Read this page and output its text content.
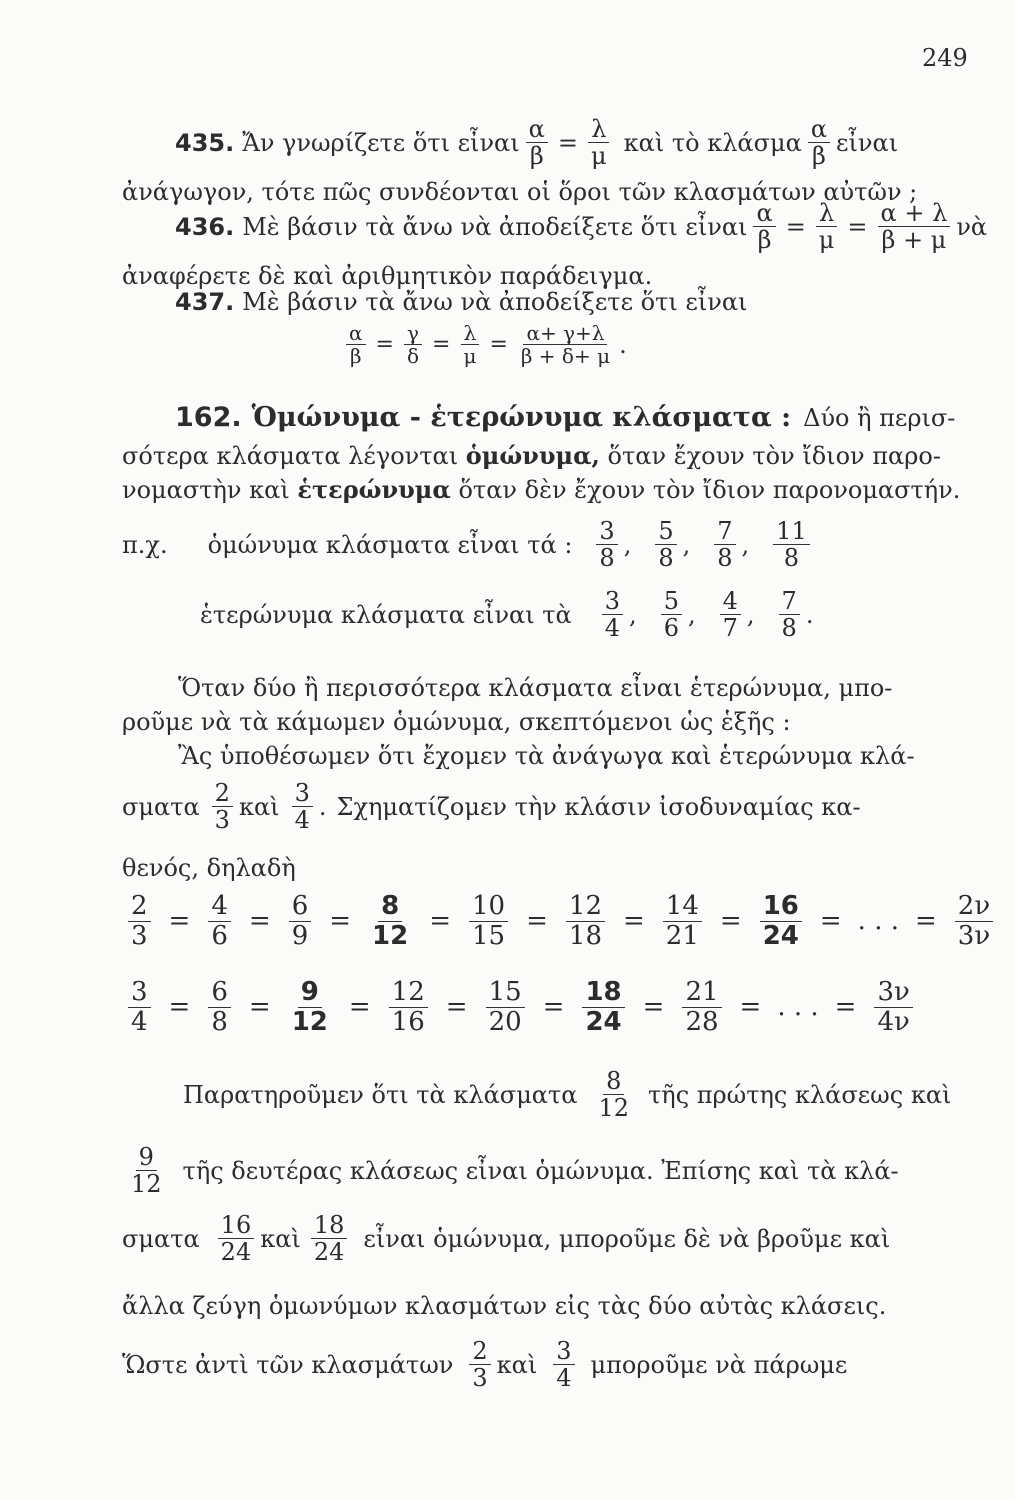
249
435. Ἄν γνωρίζετε ὅτι εἶναι $\frac{\alpha}{\beta} = \frac{\lambda}{\mu}$ καὶ τὸ κλάσμα $\frac{\alpha}{\beta}$ εἶναι
ἀνάγωγον, τότε πῶς συνδέονται οἱ ὅροι τῶν κλασμάτων αὐτῶν ;
436. Μὲ βάσιν τὰ ἄνω νὰ ἀποδείξετε ὅτι εἶναι $\frac{\alpha}{\beta} = \frac{\lambda}{\mu} = \frac{\alpha + \lambda}{\beta + \mu}$ νὰ
ἀναφέρετε δὲ καὶ ἀριθμητικὸν παράδειγμα.
437. Μὲ βάσιν τὰ ἄνω νὰ ἀποδείξετε ὅτι εἶναι
$\frac{\alpha}{\beta} = \frac{\gamma}{\delta} = \frac{\lambda}{\mu} = \frac{\alpha+ \gamma+\lambda}{\beta + \delta+ \mu}$ .
162. Ὁμώνυμα - ἑτερώνυμα κλάσματα : Δύο ἢ περισ-
σότερα κλάσματα λέγονται ὁμώνυμα, ὅταν ἔχουν τὸν ἴδιον παρο-
νομαστὴν καὶ ἑτερώνυμα ὅταν δὲν ἔχουν τὸν ἴδιον παρονομαστήν.
π.χ. ὁμώνυμα κλάσματα εἶναι τά : $\frac{3}{8}$ , $\frac{5}{8}$ , $\frac{7}{8}$ , $\frac{11}{8}$
ἑτερώνυμα κλάσματα εἶναι τὰ $\frac{3}{4}$ , $\frac{5}{6}$ , $\frac{4}{7}$ , $\frac{7}{8}$ .
Ὅταν δύο ἢ περισσότερα κλάσματα εἶναι ἑτερώνυμα, μπο-
ροῦμε νὰ τὰ κάμωμεν ὁμώνυμα, σκεπτόμενοι ὡς ἑξῆς :
Ἂς ὑποθέσωμεν ὅτι ἔχομεν τὰ ἀνάγωγα καὶ ἑτερώνυμα κλά-
σματα $\frac{2}{3}$ καὶ $\frac{3}{4}$ . Σχηματίζομεν τὴν κλάσιν ἰσοδυναμίας κα-
θενός, δηλαδὴ
$\frac{2}{3} = \frac{4}{6} = \frac{6}{9} = \frac{8}{12} = \frac{10}{15} = \frac{12}{18} = \frac{14}{21} = \frac{16}{24}$ = . . . = $\frac{2\nu}{3\nu}$
$\frac{3}{4} = \frac{6}{8} = \frac{9}{12} = \frac{12}{16} = \frac{15}{20} = \frac{18}{24} = \frac{21}{28}$ = . . . = $\frac{3\nu}{4\nu}$
Παρατηροῦμεν ὅτι τὰ κλάσματα $\frac{8}{12}$ τῆς πρώτης κλάσεως καὶ
$\frac{9}{12}$ τῆς δευτέρας κλάσεως εἶναι ὁμώνυμα. Ἐπίσης καὶ τὰ κλά-
σματα $\frac{16}{24}$ καὶ $\frac{18}{24}$ εἶναι ὁμώνυμα, μποροῦμε δὲ νὰ βροῦμε καὶ
ἄλλα ζεύγη ὁμωνύμων κλασμάτων εἰς τὰς δύο αὐτὰς κλάσεις.
Ὥστε ἀντὶ τῶν κλασμάτων $\frac{2}{3}$ καὶ $\frac{3}{4}$ μποροῦμε νὰ πάρωμε
